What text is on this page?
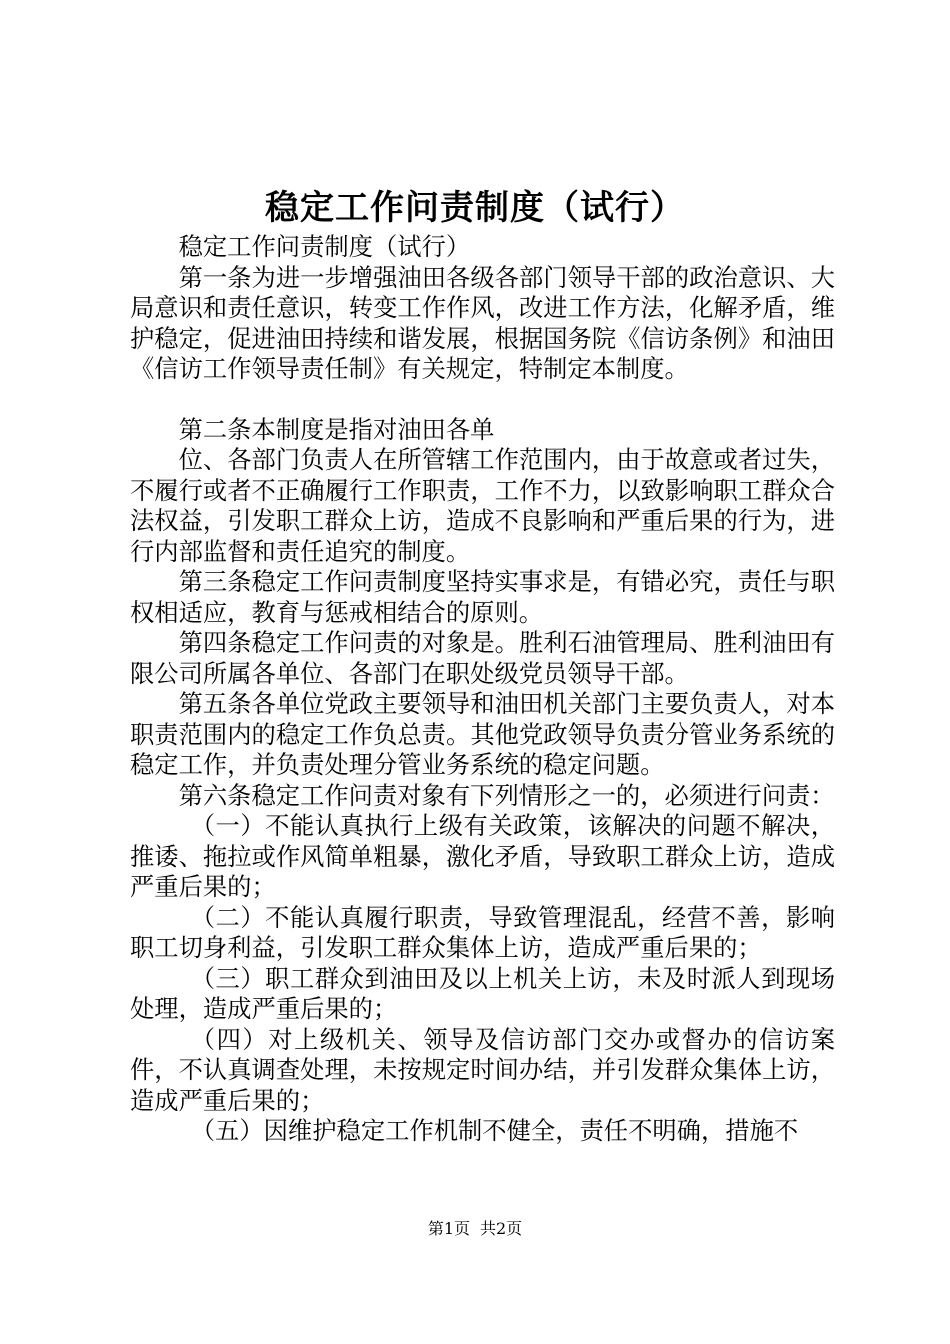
稳定工作问责制度（试行）

稳定工作问责制度（试行）

第一条为进一步增强油田各级各部门领导干部的政治意识、大局意识和责任意识，转变工作作风，改进工作方法，化解矛盾，维护稳定，促进油田持续和谐发展，根据国务院《信访条例》和油田《信访工作领导责任制》有关规定，特制定本制度。

第二条本制度是指对油田各单

位、各部门负责人在所管辖工作范围内，由于故意或者过失，不履行或者不正确履行工作职责，工作不力，以致影响职工群众合法权益，引发职工群众上访，造成不良影响和严重后果的行为，进行内部监督和责任追究的制度。

第三条稳定工作问责制度坚持实事求是，有错必究，责任与职权相适应，教育与惩戒相结合的原则。

第四条稳定工作问责的对象是。胜利石油管理局、胜利油田有限公司所属各单位、各部门在职处级党员领导干部。

第五条各单位党政主要领导和油田机关部门主要负责人，对本职责范围内的稳定工作负总责。其他党政领导负责分管业务系统的稳定工作，并负责处理分管业务系统的稳定问题。

第六条稳定工作问责对象有下列情形之一的，必须进行问责：

（一）不能认真执行上级有关政策，该解决的问题不解决，推诿、拖拉或作风简单粗暴，激化矛盾，导致职工群众上访，造成严重后果的；

（二）不能认真履行职责，导致管理混乱，经营不善，影响职工切身利益，引发职工群众集体上访，造成严重后果的；

（三）职工群众到油田及以上机关上访，未及时派人到现场处理，造成严重后果的；

（四）对上级机关、领导及信访部门交办或督办的信访案件，不认真调查处理，未按规定时间办结，并引发群众集体上访，造成严重后果的；

（五）因维护稳定工作机制不健全，责任不明确，措施不

第1页 共2页
